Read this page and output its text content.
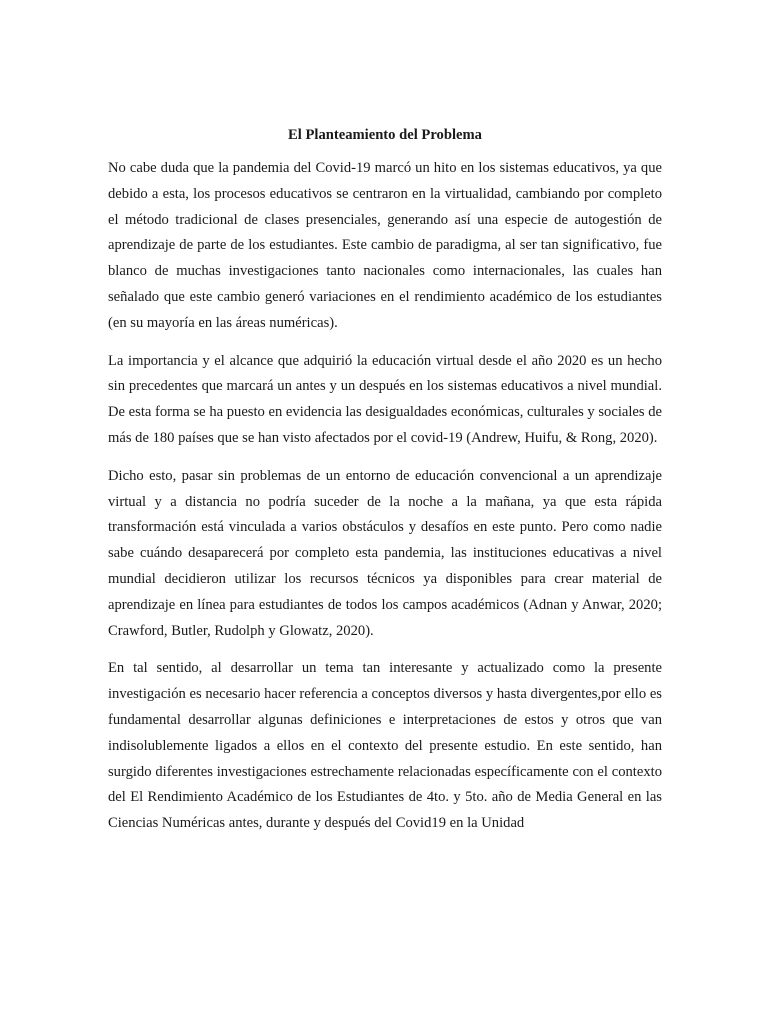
El Planteamiento del Problema

No cabe duda que la pandemia del Covid-19 marcó un hito en los sistemas educativos, ya que debido a esta, los procesos educativos se centraron en la virtualidad, cambiando por completo el método tradicional de clases presenciales, generando así una especie de autogestión de aprendizaje de parte de los estudiantes. Este cambio de paradigma, al ser tan significativo, fue blanco de muchas investigaciones tanto nacionales como internacionales, las cuales han señalado que este cambio generó variaciones en el rendimiento académico de los estudiantes (en su mayoría en las áreas numéricas).

La importancia y el alcance que adquirió la educación virtual desde el año 2020 es un hecho sin precedentes que marcará un antes y un después en los sistemas educativos a nivel mundial. De esta forma se ha puesto en evidencia las desigualdades económicas, culturales y sociales de más de 180 países que se han visto afectados por el covid-19 (Andrew, Huifu, & Rong, 2020).

Dicho esto, pasar sin problemas de un entorno de educación convencional a un aprendizaje virtual y a distancia no podría suceder de la noche a la mañana, ya que esta rápida transformación está vinculada a varios obstáculos y desafíos en este punto. Pero como nadie sabe cuándo desaparecerá por completo esta pandemia, las instituciones educativas a nivel mundial decidieron utilizar los recursos técnicos ya disponibles para crear material de aprendizaje en línea para estudiantes de todos los campos académicos (Adnan y Anwar, 2020; Crawford, Butler, Rudolph y Glowatz, 2020).

En tal sentido, al desarrollar un tema tan interesante y actualizado como la presente investigación es necesario hacer referencia a conceptos diversos y hasta divergentes,por ello es fundamental desarrollar algunas definiciones e interpretaciones de estos y otros que van indisolublemente ligados a ellos en el contexto del presente estudio. En este sentido, han surgido diferentes investigaciones estrechamente relacionadas específicamente con el contexto del El Rendimiento Académico de los Estudiantes de 4to. y 5to. año de Media General en las Ciencias Numéricas antes, durante y después del Covid19 en la Unidad
